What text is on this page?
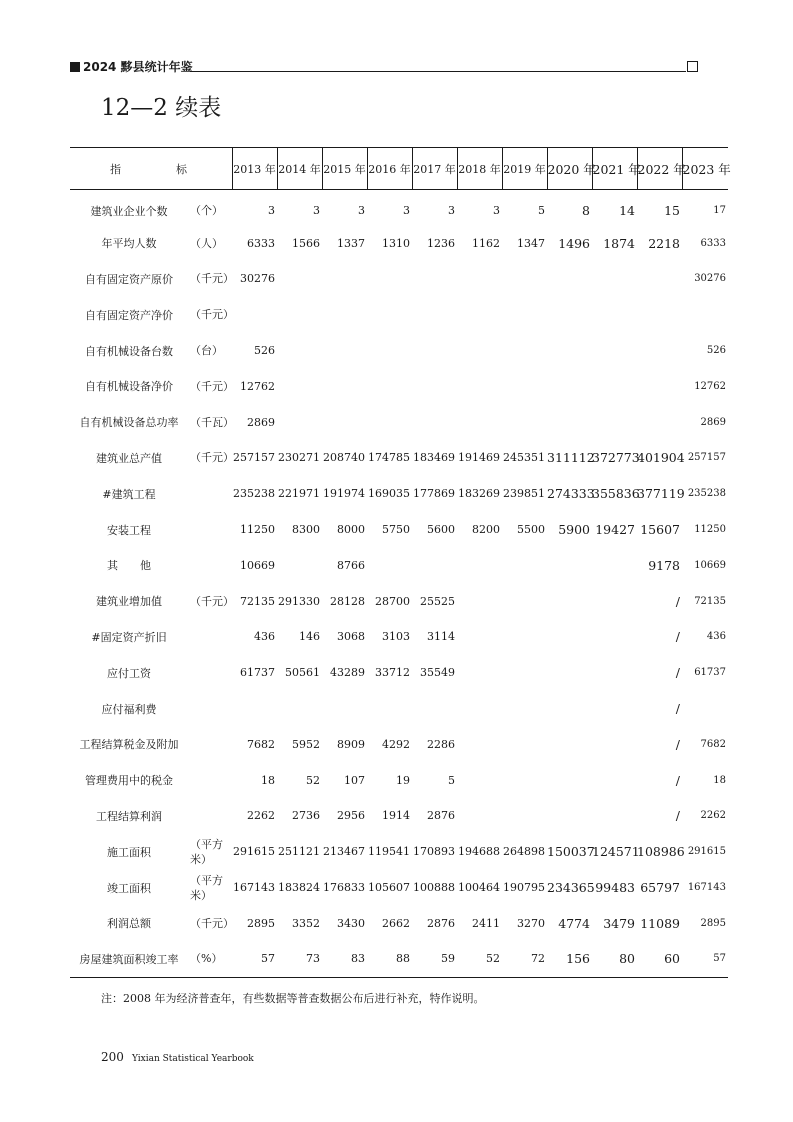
2024 黟县统计年鉴
12—2 续表
指　　　　　标		2013 年	2014 年	2015 年	2016 年	2017 年	2018 年	2019 年	2020 年	2021 年	2022 年	2023 年
建筑业企业个数	（个）	3	3	3	3	3	3	5	8	14	15	17
年平均人数	（人）	6333	1566	1337	1310	1236	1162	1347	1496	1874	2218	6333
自有固定资产原价	（千元）	30276										30276
自有固定资产净价	（千元）											
自有机械设备台数	（台）	526										526
自有机械设备净价	（千元）	12762										12762
自有机械设备总功率	（千瓦）	2869										2869
建筑业总产值	（千元）	257157	230271	208740	174785	183469	191469	245351	311112	372773	401904	257157
#建筑工程		235238	221971	191974	169035	177869	183269	239851	274333	355836	377119	235238
安装工程		11250	8300	8000	5750	5600	8200	5500	5900	19427	15607	11250
其　　他		10669		8766							9178	10669
建筑业增加值	（千元）	72135	291330	28128	28700	25525					/	72135
#固定资产折旧		436	146	3068	3103	3114					/	436
应付工资		61737	50561	43289	33712	35549					/	61737
应付福利费											/	
工程结算税金及附加		7682	5952	8909	4292	2286					/	7682
管理费用中的税金		18	52	107	19	5					/	18
工程结算利润		2262	2736	2956	1914	2876					/	2262
施工面积	（平方米）	291615	251121	213467	119541	170893	194688	264898	150037	124571	108986	291615
竣工面积	（平方米）	167143	183824	176833	105607	100888	100464	190795	234365	99483	65797	167143
利润总额	（千元）	2895	3352	3430	2662	2876	2411	3270	4774	3479	11089	2895
房屋建筑面积竣工率	（%）	57	73	83	88	59	52	72	156	80	60	57
注：2008 年为经济普查年，有些数据等普查数据公布后进行补充，特作说明。
200 Yixian Statistical Yearbook
